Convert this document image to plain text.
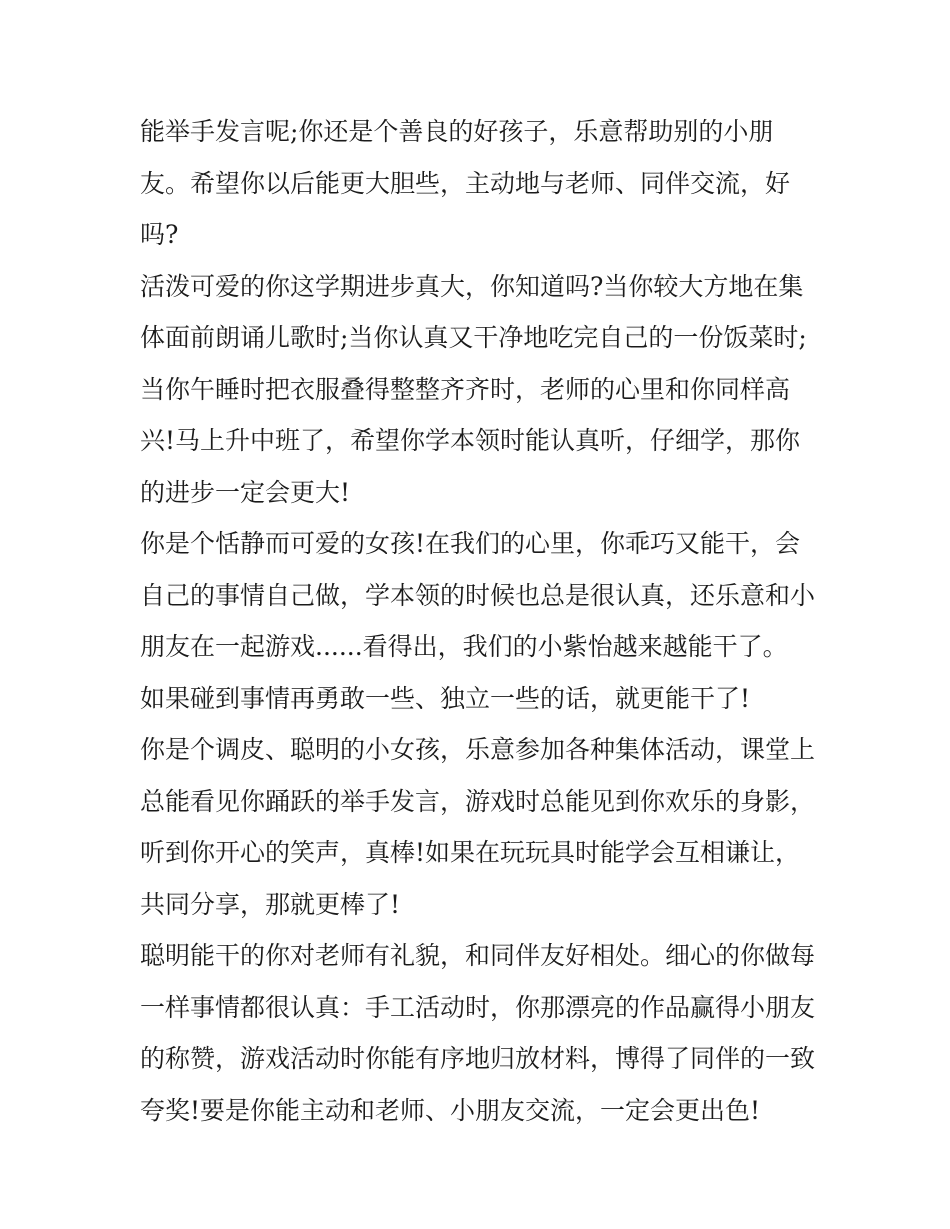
能举手发言呢;你还是个善良的好孩子，乐意帮助别的小朋
友。希望你以后能更大胆些，主动地与老师、同伴交流，好
吗?
活泼可爱的你这学期进步真大，你知道吗?当你较大方地在集
体面前朗诵儿歌时;当你认真又干净地吃完自己的一份饭菜时;
当你午睡时把衣服叠得整整齐齐时，老师的心里和你同样高
兴!马上升中班了，希望你学本领时能认真听，仔细学，那你
的进步一定会更大!
你是个恬静而可爱的女孩!在我们的心里，你乖巧又能干，会
自己的事情自己做，学本领的时候也总是很认真，还乐意和小
朋友在一起游戏......看得出，我们的小紫怡越来越能干了。
如果碰到事情再勇敢一些、独立一些的话，就更能干了!
你是个调皮、聪明的小女孩，乐意参加各种集体活动，课堂上
总能看见你踊跃的举手发言，游戏时总能见到你欢乐的身影，
听到你开心的笑声，真棒!如果在玩玩具时能学会互相谦让，
共同分享，那就更棒了!
聪明能干的你对老师有礼貌，和同伴友好相处。细心的你做每
一样事情都很认真：手工活动时，你那漂亮的作品赢得小朋友
的称赞，游戏活动时你能有序地归放材料，博得了同伴的一致
夸奖!要是你能主动和老师、小朋友交流，一定会更出色!
